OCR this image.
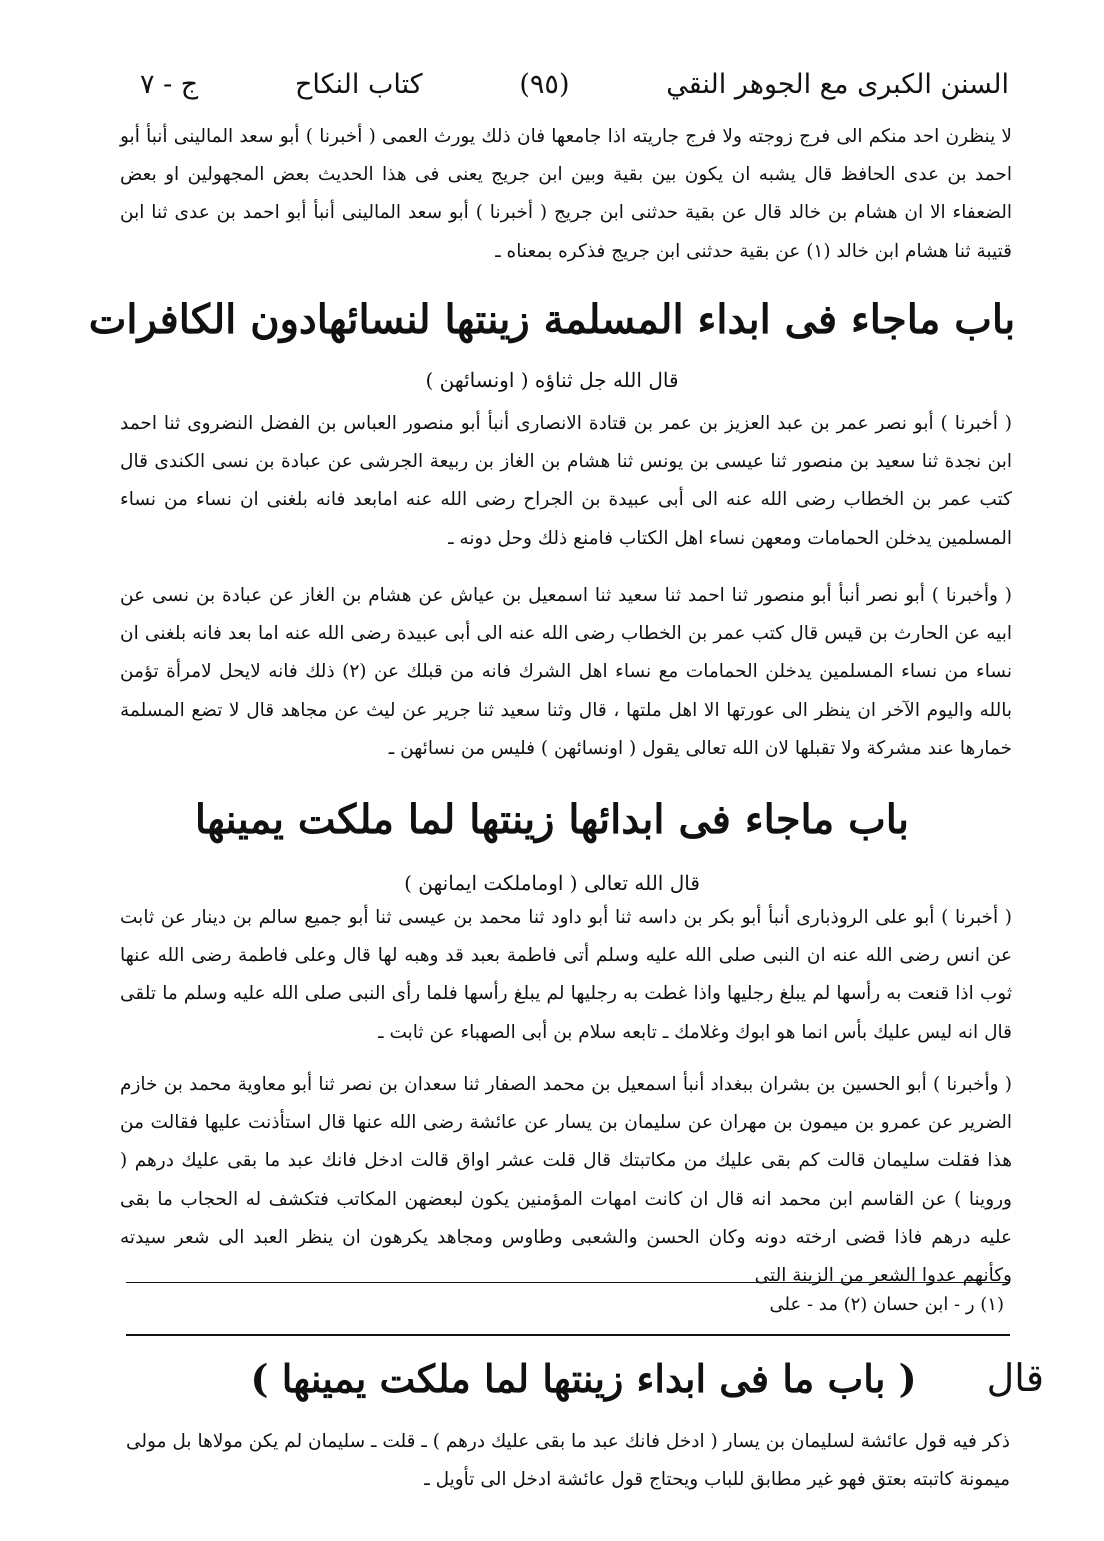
السنن الكبرى مع الجوهر النقي
(٩٥)
كتاب النكاح
ج - ٧
لا ينظرن احد منكم الى فرج زوجته ولا فرج جاريته اذا جامعها فان ذلك يورث العمى ( أخبرنا ) أبو سعد المالينى أنبأ أبو احمد بن عدى الحافظ قال يشبه ان يكون بين بقية وبين ابن جريج يعنى فى هذا الحديث بعض المجهولين او بعض الضعفاء الا ان هشام بن خالد قال عن بقية حدثنى ابن جريج ( أخبرنا ) أبو سعد المالينى أنبأ أبو احمد بن عدى ثنا ابن قتيبة ثنا هشام ابن خالد (١) عن بقية حدثنى ابن جريج فذكره بمعناه ـ
باب ماجاء فى ابداء المسلمة زينتها لنسائهادون الكافرات
قال الله جل ثناؤه ( اونسائهن )
( أخبرنا ) أبو نصر عمر بن عبد العزيز بن عمر بن قتادة الانصارى أنبأ أبو منصور العباس بن الفضل النضروى ثنا احمد ابن نجدة ثنا سعيد بن منصور ثنا عيسى بن يونس ثنا هشام بن الغاز بن ربيعة الجرشى عن عبادة بن نسى الكندى قال كتب عمر بن الخطاب رضى الله عنه الى أبى عبيدة بن الجراح رضى الله عنه امابعد فانه بلغنى ان نساء من نساء المسلمين يدخلن الحمامات ومعهن نساء اهل الكتاب فامنع ذلك وحل دونه ـ
( وأخبرنا ) أبو نصر أنبأ أبو منصور ثنا احمد ثنا سعيد ثنا اسمعيل بن عياش عن هشام بن الغاز عن عبادة بن نسى عن ابيه عن الحارث بن قيس قال كتب عمر بن الخطاب رضى الله عنه الى أبى عبيدة رضى الله عنه اما بعد فانه بلغنى ان نساء من نساء المسلمين يدخلن الحمامات مع نساء اهل الشرك فانه من قبلك عن (٢) ذلك فانه لايحل لامرأة تؤمن بالله واليوم الآخر ان ينظر الى عورتها الا اهل ملتها ، قال وثنا سعيد ثنا جرير عن ليث عن مجاهد قال لا تضع المسلمة خمارها عند مشركة ولا تقبلها لان الله تعالى يقول ( اونسائهن ) فليس من نسائهن ـ
باب ماجاء فى ابدائها زينتها لما ملكت يمينها
قال الله تعالى ( اوماملكت ايمانهن )
( أخبرنا ) أبو على الروذبارى أنبأ أبو بكر بن داسه ثنا أبو داود ثنا محمد بن عيسى ثنا أبو جميع سالم بن دينار عن ثابت عن انس رضى الله عنه ان النبى صلى الله عليه وسلم أتى فاطمة بعبد قد وهبه لها قال وعلى فاطمة رضى الله عنها ثوب اذا قنعت به رأسها لم يبلغ رجليها واذا غطت به رجليها لم يبلغ رأسها فلما رأى النبى صلى الله عليه وسلم ما تلقى قال انه ليس عليك بأس انما هو ابوك وغلامك ـ تابعه سلام بن أبى الصهباء عن ثابت ـ
( وأخبرنا ) أبو الحسين بن بشران ببغداد أنبأ اسمعيل بن محمد الصفار ثنا سعدان بن نصر ثنا أبو معاوية محمد بن خازم الضرير عن عمرو بن ميمون بن مهران عن سليمان بن يسار عن عائشة رضى الله عنها قال استأذنت عليها فقالت من هذا فقلت سليمان قالت كم بقى عليك من مكاتبتك قال قلت عشر اواق قالت ادخل فانك عبد ما بقى عليك درهم ( وروينا ) عن القاسم ابن محمد انه قال ان كانت امهات المؤمنين يكون لبعضهن المكاتب فتكشف له الحجاب ما بقى عليه درهم فاذا قضى ارخته دونه وكان الحسن والشعبى وطاوس ومجاهد يكرهون ان ينظر العبد الى شعر سيدته وكأنهم عدوا الشعر من الزينة التى
(١) ر - ابن حسان (٢) مد - على
قال
( باب ما فى ابداء زينتها لما ملكت يمينها )
ذكر فيه قول عائشة لسليمان بن يسار ( ادخل فانك عبد ما بقى عليك درهم ) ـ قلت ـ سليمان لم يكن مولاها بل مولى ميمونة كاتبته بعتق فهو غير مطابق للباب ويحتاج قول عائشة ادخل الى تأويل ـ
